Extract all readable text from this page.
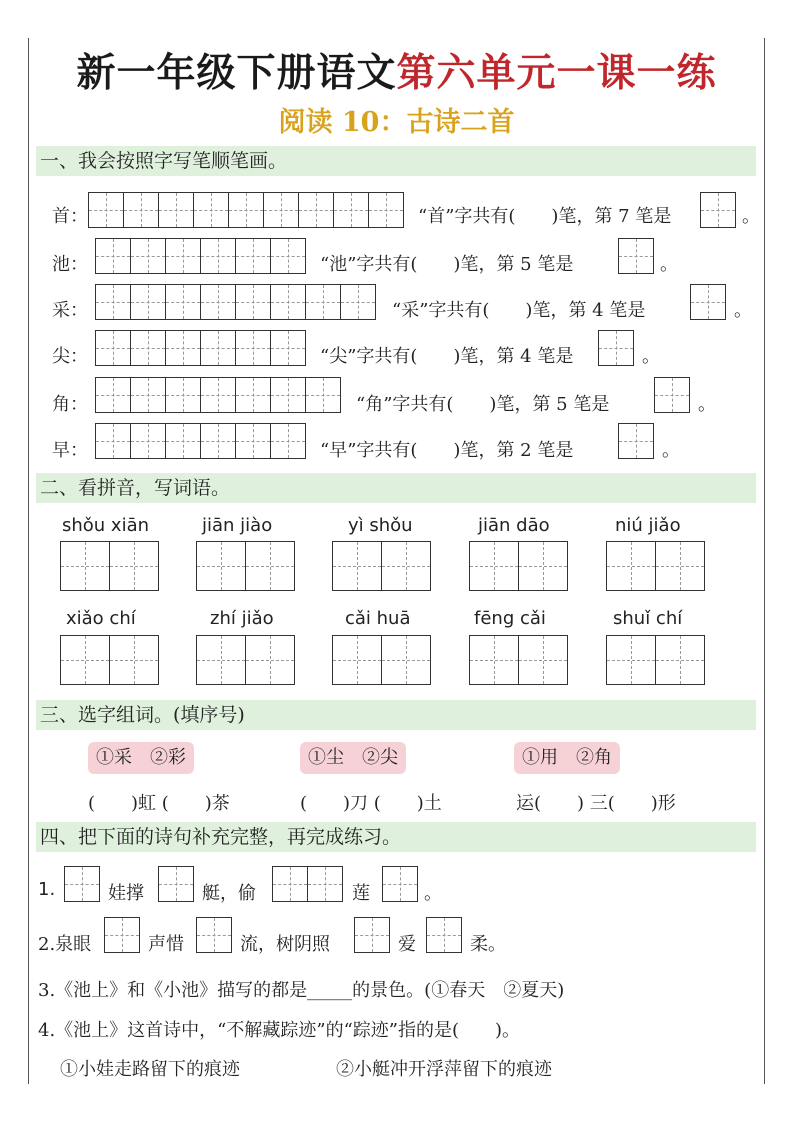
新一年级下册语文第六单元一课一练
阅读 10：古诗二首
一、我会按照字写笔顺笔画。
首：	“首”字共有(　　)笔，第 7 笔是	。
池：	“池”字共有(　　)笔，第 5 笔是	。
采：	“采”字共有(　　)笔，第 4 笔是	。
尖：	“尖”字共有(　　)笔，第 4 笔是	。
角：	“角”字共有(　　)笔，第 5 笔是	。
早：	“早”字共有(　　)笔，第 2 笔是	。
二、看拼音，写词语。
shǒu xiān	jiān jiào	yì shǒu	jiān dāo	niú jiǎo
xiǎo chí	zhí jiǎo	cǎi huā	fēng cǎi	shuǐ chí
三、选字组词。(填序号)
①采　②彩	①尘　②尖	①用　②角
(　　)虹 (　　)茶	(　　)刀 (　　)土	运(　　) 三(　　)形
四、把下面的诗句补充完整，再完成练习。
1.	娃撑	艇，偷	莲	。
2.泉眼	声惜	流，树阴照	爱	柔。
3.《池上》和《小池》描写的都是_____的景色。(①春天　②夏天)
4.《池上》这首诗中，“不解藏踪迹”的“踪迹”指的是(　　)。
①小娃走路留下的痕迹	②小艇冲开浮萍留下的痕迹
